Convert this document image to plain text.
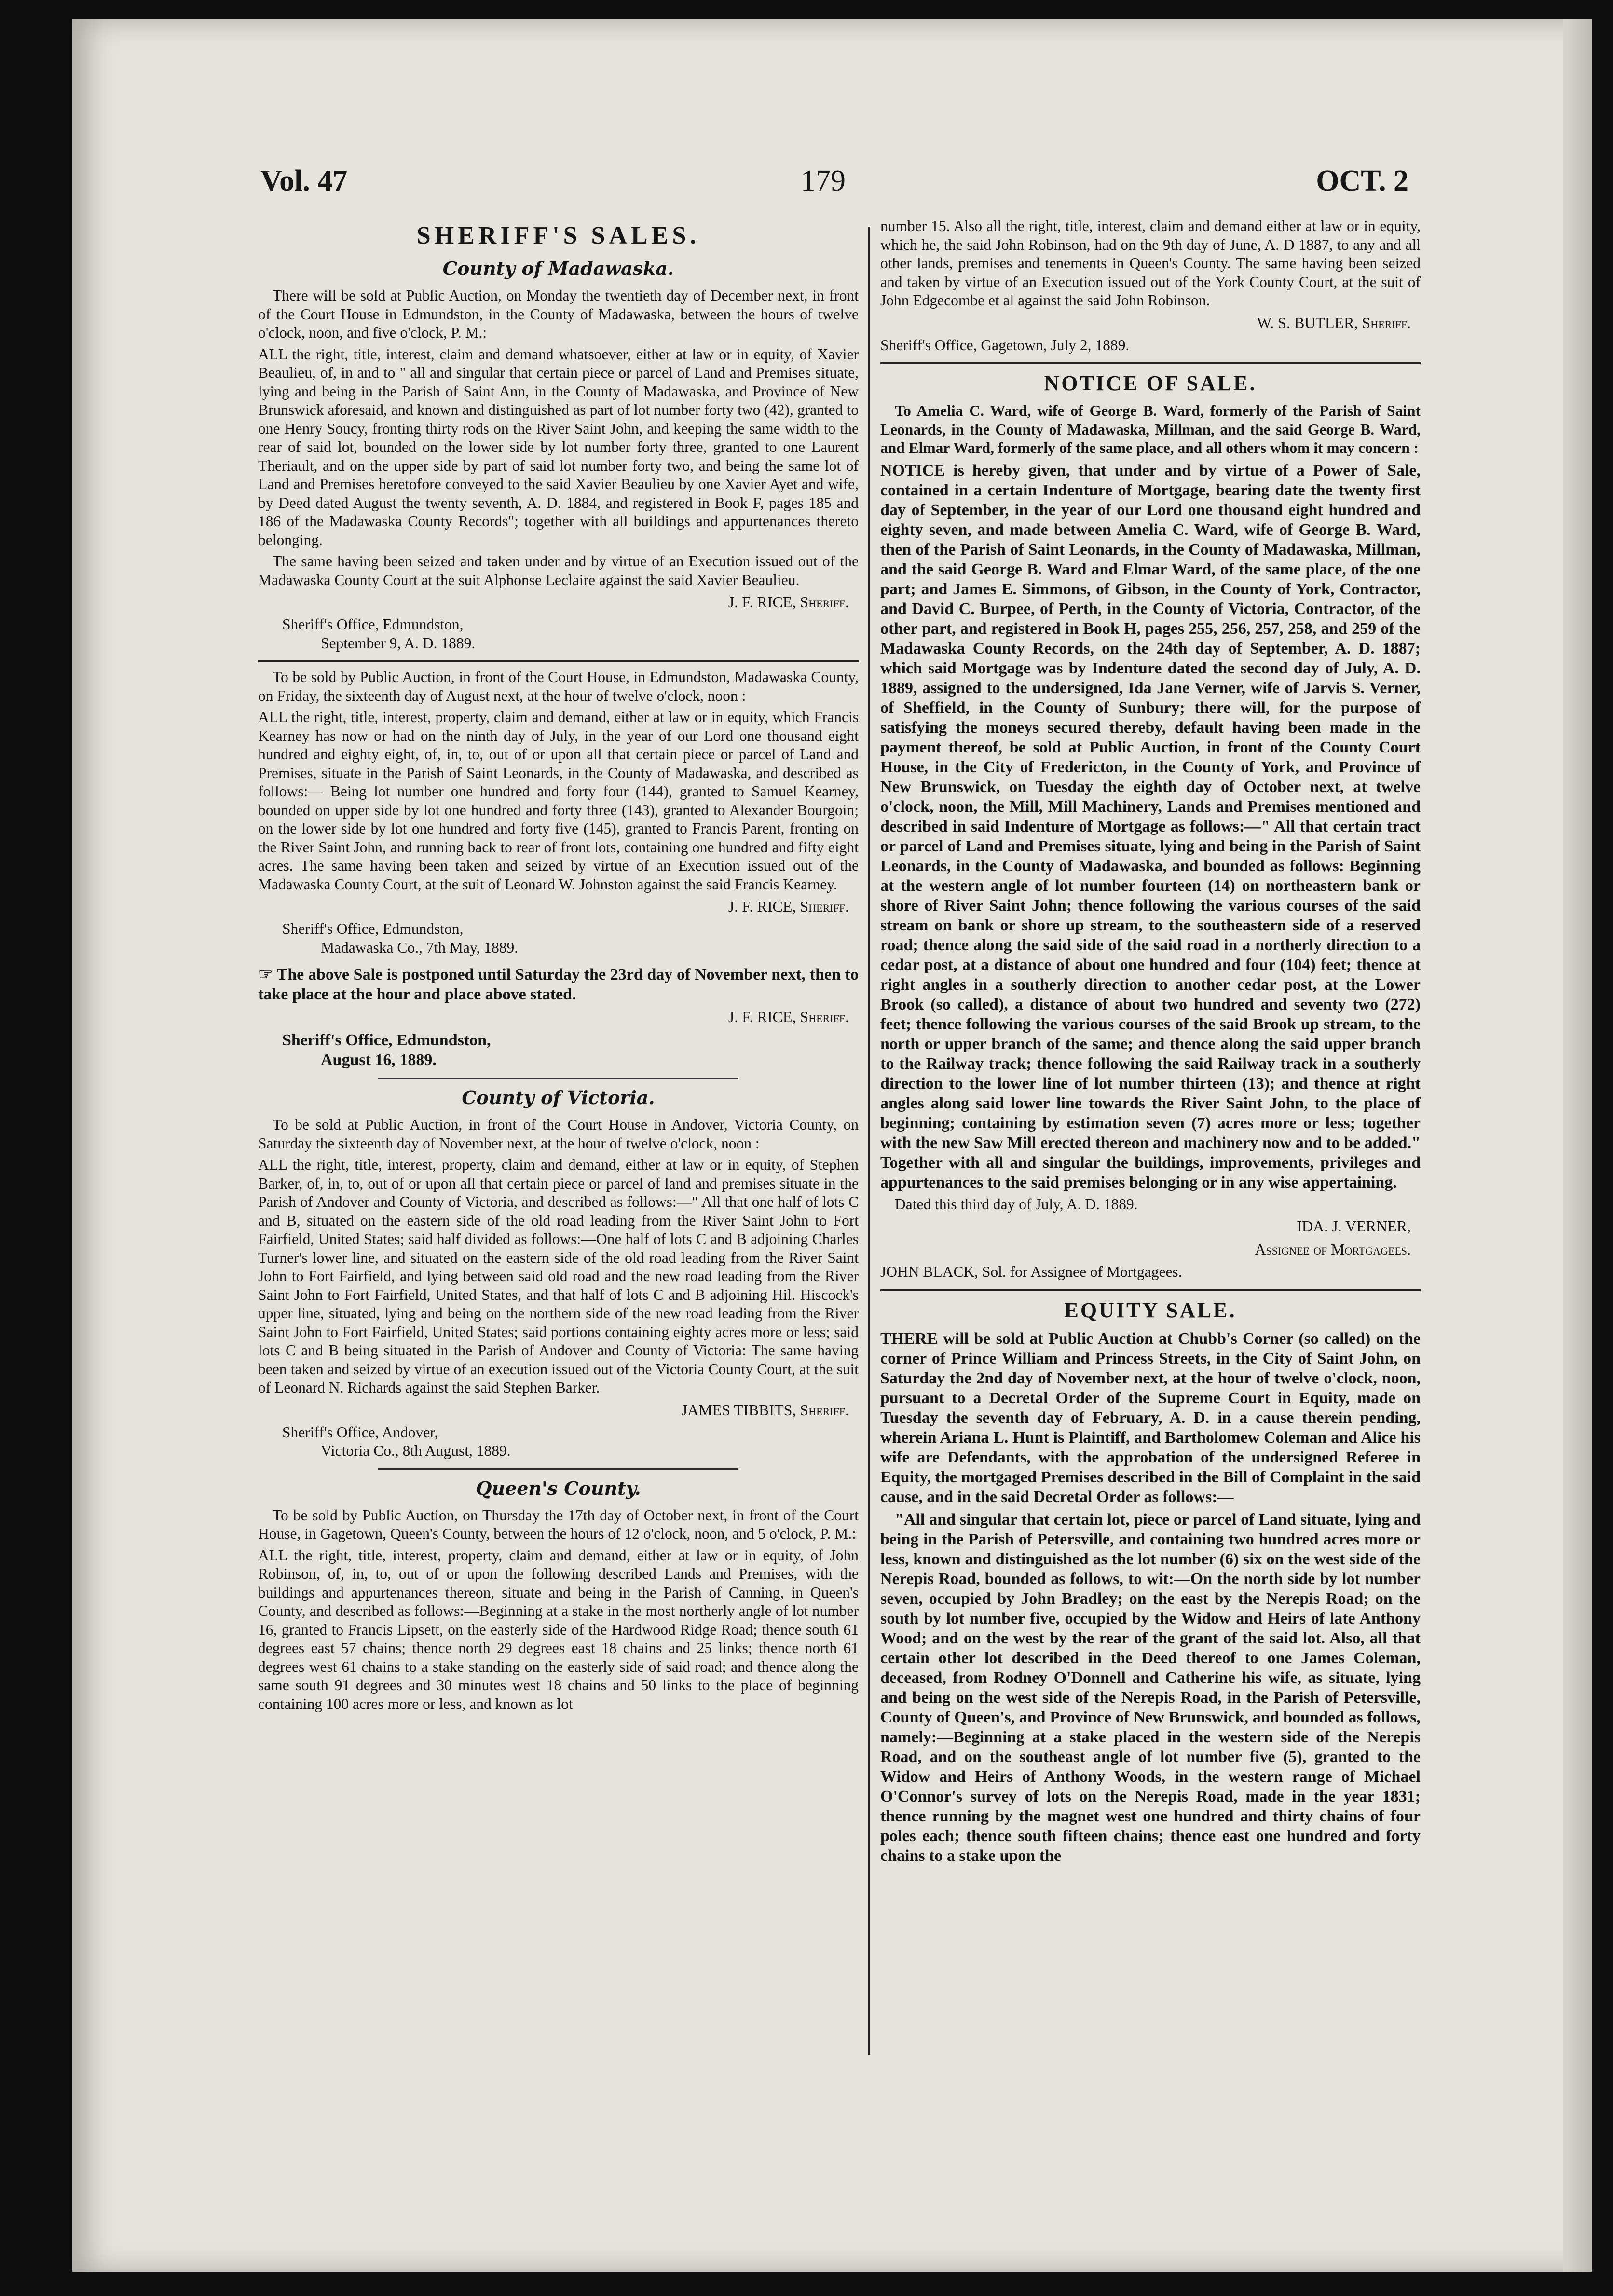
Vol. 47	179	OCT. 2
SHERIFF'S SALES.
County of Madawaska.

There will be sold at Public Auction, on Monday the twentieth day of December next, in front of the Court House in Edmundston, in the County of Madawaska, between the hours of twelve o'clock, noon, and five o'clock, P. M.:

ALL the right, title, interest, claim and demand whatsoever, either at law or in equity, of Xavier Beaulieu, of, in and to " all and singular that certain piece or parcel of Land and Premises situate, lying and being in the Parish of Saint Ann, in the County of Madawaska, and Province of New Brunswick aforesaid, and known and distinguished as part of lot number forty two (42), granted to one Henry Soucy, fronting thirty rods on the River Saint John, and keeping the same width to the rear of said lot, bounded on the lower side by lot number forty three, granted to one Laurent Theriault, and on the upper side by part of said lot number forty two, and being the same lot of Land and Premises heretofore conveyed to the said Xavier Beaulieu by one Xavier Ayet and wife, by Deed dated August the twenty seventh, A. D. 1884, and registered in Book F, pages 185 and 186 of the Madawaska County Records"; together with all buildings and appurtenances thereto belonging.

The same having been seized and taken under and by virtue of an Execution issued out of the Madawaska County Court at the suit Alphonse Leclaire against the said Xavier Beaulieu.

J. F. RICE, Sheriff.

Sheriff's Office, Edmundston,

September 9, A. D. 1889.

To be sold by Public Auction, in front of the Court House, in Edmundston, Madawaska County, on Friday, the sixteenth day of August next, at the hour of twelve o'clock, noon :

ALL the right, title, interest, property, claim and demand, either at law or in equity, which Francis Kearney has now or had on the ninth day of July, in the year of our Lord one thousand eight hundred and eighty eight, of, in, to, out of or upon all that certain piece or parcel of Land and Premises, situate in the Parish of Saint Leonards, in the County of Madawaska, and described as follows:— Being lot number one hundred and forty four (144), granted to Samuel Kearney, bounded on upper side by lot one hundred and forty three (143), granted to Alexander Bourgoin; on the lower side by lot one hundred and forty five (145), granted to Francis Parent, fronting on the River Saint John, and running back to rear of front lots, containing one hundred and fifty eight acres. The same having been taken and seized by virtue of an Execution issued out of the Madawaska County Court, at the suit of Leonard W. Johnston against the said Francis Kearney.

J. F. RICE, Sheriff.

Sheriff's Office, Edmundston,

Madawaska Co., 7th May, 1889.

☞ The above Sale is postponed until Saturday the 23rd day of November next, then to take place at the hour and place above stated.

J. F. RICE, Sheriff.

Sheriff's Office, Edmundston,

August 16, 1889.

County of Victoria.

To be sold at Public Auction, in front of the Court House in Andover, Victoria County, on Saturday the sixteenth day of November next, at the hour of twelve o'clock, noon :

ALL the right, title, interest, property, claim and demand, either at law or in equity, of Stephen Barker, of, in, to, out of or upon all that certain piece or parcel of land and premises situate in the Parish of Andover and County of Victoria, and described as follows:—" All that one half of lots C and B, situated on the eastern side of the old road leading from the River Saint John to Fort Fairfield, United States; said half divided as follows:—One half of lots C and B adjoining Charles Turner's lower line, and situated on the eastern side of the old road leading from the River Saint John to Fort Fairfield, and lying between said old road and the new road leading from the River Saint John to Fort Fairfield, United States, and that half of lots C and B adjoining Hil. Hiscock's upper line, situated, lying and being on the northern side of the new road leading from the River Saint John to Fort Fairfield, United States; said portions containing eighty acres more or less; said lots C and B being situated in the Parish of Andover and County of Victoria: The same having been taken and seized by virtue of an execution issued out of the Victoria County Court, at the suit of Leonard N. Richards against the said Stephen Barker.

JAMES TIBBITS, Sheriff.

Sheriff's Office, Andover,

Victoria Co., 8th August, 1889.

Queen's County.

To be sold by Public Auction, on Thursday the 17th day of October next, in front of the Court House, in Gagetown, Queen's County, between the hours of 12 o'clock, noon, and 5 o'clock, P. M.:

ALL the right, title, interest, property, claim and demand, either at law or in equity, of John Robinson, of, in, to, out of or upon the following described Lands and Premises, with the buildings and appurtenances thereon, situate and being in the Parish of Canning, in Queen's County, and described as follows:—Beginning at a stake in the most northerly angle of lot number 16, granted to Francis Lipsett, on the easterly side of the Hardwood Ridge Road; thence south 61 degrees east 57 chains; thence north 29 degrees east 18 chains and 25 links; thence north 61 degrees west 61 chains to a stake standing on the easterly side of said road; and thence along the same south 91 degrees and 30 minutes west 18 chains and 50 links to the place of beginning containing 100 acres more or less, and known as lot

number 15. Also all the right, title, interest, claim and demand either at law or in equity, which he, the said John Robinson, had on the 9th day of June, A. D 1887, to any and all other lands, premises and tenements in Queen's County. The same having been seized and taken by virtue of an Execution issued out of the York County Court, at the suit of John Edgecombe et al against the said John Robinson.

W. S. BUTLER, Sheriff.

Sheriff's Office, Gagetown, July 2, 1889.

NOTICE OF SALE.

To Amelia C. Ward, wife of George B. Ward, formerly of the Parish of Saint Leonards, in the County of Madawaska, Millman, and the said George B. Ward, and Elmar Ward, formerly of the same place, and all others whom it may concern :

NOTICE is hereby given, that under and by virtue of a Power of Sale, contained in a certain Indenture of Mortgage, bearing date the twenty first day of September, in the year of our Lord one thousand eight hundred and eighty seven, and made between Amelia C. Ward, wife of George B. Ward, then of the Parish of Saint Leonards, in the County of Madawaska, Millman, and the said George B. Ward and Elmar Ward, of the same place, of the one part; and James E. Simmons, of Gibson, in the County of York, Contractor, and David C. Burpee, of Perth, in the County of Victoria, Contractor, of the other part, and registered in Book H, pages 255, 256, 257, 258, and 259 of the Madawaska County Records, on the 24th day of September, A. D. 1887; which said Mortgage was by Indenture dated the second day of July, A. D. 1889, assigned to the undersigned, Ida Jane Verner, wife of Jarvis S. Verner, of Sheffield, in the County of Sunbury; there will, for the purpose of satisfying the moneys secured thereby, default having been made in the payment thereof, be sold at Public Auction, in front of the County Court House, in the City of Fredericton, in the County of York, and Province of New Brunswick, on Tuesday the eighth day of October next, at twelve o'clock, noon, the Mill, Mill Machinery, Lands and Premises mentioned and described in said Indenture of Mortgage as follows:—" All that certain tract or parcel of Land and Premises situate, lying and being in the Parish of Saint Leonards, in the County of Madawaska, and bounded as follows: Beginning at the western angle of lot number fourteen (14) on northeastern bank or shore of River Saint John; thence following the various courses of the said stream on bank or shore up stream, to the southeastern side of a reserved road; thence along the said side of the said road in a northerly direction to a cedar post, at a distance of about one hundred and four (104) feet; thence at right angles in a southerly direction to another cedar post, at the Lower Brook (so called), a distance of about two hundred and seventy two (272) feet; thence following the various courses of the said Brook up stream, to the north or upper branch of the same; and thence along the said upper branch to the Railway track; thence following the said Railway track in a southerly direction to the lower line of lot number thirteen (13); and thence at right angles along said lower line towards the River Saint John, to the place of beginning; containing by estimation seven (7) acres more or less; together with the new Saw Mill erected thereon and machinery now and to be added." Together with all and singular the buildings, improvements, privileges and appurtenances to the said premises belonging or in any wise appertaining.

Dated this third day of July, A. D. 1889.

IDA. J. VERNER,
Assignee of Mortgagees.

JOHN BLACK, Sol. for Assignee of Mortgagees.

EQUITY SALE.

THERE will be sold at Public Auction at Chubb's Corner (so called) on the corner of Prince William and Princess Streets, in the City of Saint John, on Saturday the 2nd day of November next, at the hour of twelve o'clock, noon, pursuant to a Decretal Order of the Supreme Court in Equity, made on Tuesday the seventh day of February, A. D. in a cause therein pending, wherein Ariana L. Hunt is Plaintiff, and Bartholomew Coleman and Alice his wife are Defendants, with the approbation of the undersigned Referee in Equity, the mortgaged Premises described in the Bill of Complaint in the said cause, and in the said Decretal Order as follows:—

"All and singular that certain lot, piece or parcel of Land situate, lying and being in the Parish of Petersville, and containing two hundred acres more or less, known and distinguished as the lot number (6) six on the west side of the Nerepis Road, bounded as follows, to wit:—On the north side by lot number seven, occupied by John Bradley; on the east by the Nerepis Road; on the south by lot number five, occupied by the Widow and Heirs of late Anthony Wood; and on the west by the rear of the grant of the said lot. Also, all that certain other lot described in the Deed thereof to one James Coleman, deceased, from Rodney O'Donnell and Catherine his wife, as situate, lying and being on the west side of the Nerepis Road, in the Parish of Petersville, County of Queen's, and Province of New Brunswick, and bounded as follows, namely:—Beginning at a stake placed in the western side of the Nerepis Road, and on the southeast angle of lot number five (5), granted to the Widow and Heirs of Anthony Woods, in the western range of Michael O'Connor's survey of lots on the Nerepis Road, made in the year 1831; thence running by the magnet west one hundred and thirty chains of four poles each; thence south fifteen chains; thence east one hundred and forty chains to a stake upon the
